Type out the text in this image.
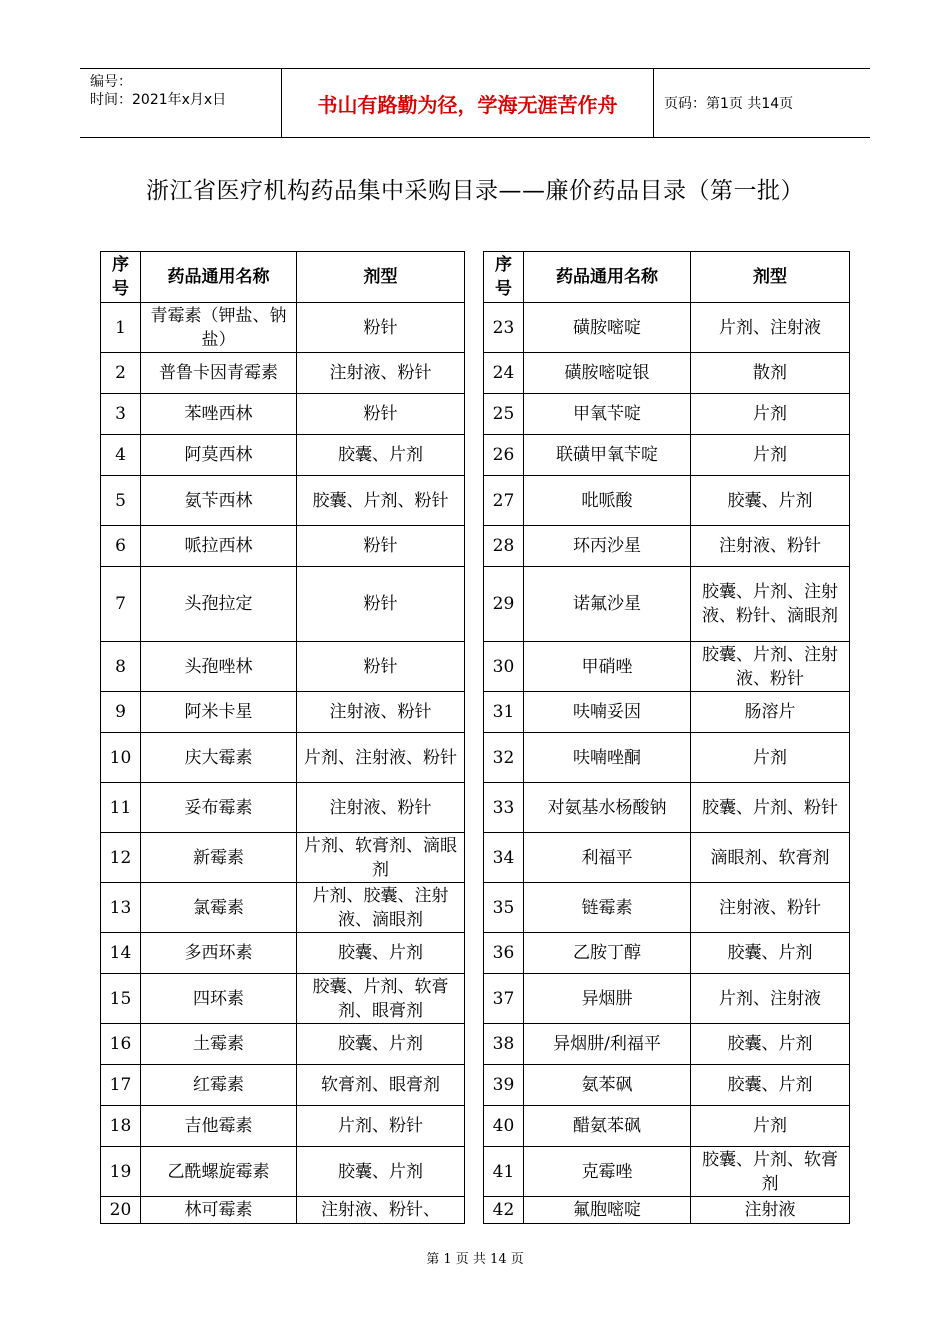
编号：
时间：2021年x月x日	书山有路勤为径，学海无涯苦作舟	页码：第1页 共14页
浙江省医疗机构药品集中采购目录——廉价药品目录（第一批）
序号	药品通用名称	剂型
1	青霉素（钾盐、钠盐）	粉针
2	普鲁卡因青霉素	注射液、粉针
3	苯唑西林	粉针
4	阿莫西林	胶囊、片剂
5	氨苄西林	胶囊、片剂、粉针
6	哌拉西林	粉针
7	头孢拉定	粉针
8	头孢唑林	粉针
9	阿米卡星	注射液、粉针
10	庆大霉素	片剂、注射液、粉针
11	妥布霉素	注射液、粉针
12	新霉素	片剂、软膏剂、滴眼剂
13	氯霉素	片剂、胶囊、注射液、滴眼剂
14	多西环素	胶囊、片剂
15	四环素	胶囊、片剂、软膏剂、眼膏剂
16	土霉素	胶囊、片剂
17	红霉素	软膏剂、眼膏剂
18	吉他霉素	片剂、粉针
19	乙酰螺旋霉素	胶囊、片剂
20	林可霉素	注射液、粉针、
序号	药品通用名称	剂型
23	磺胺嘧啶	片剂、注射液
24	磺胺嘧啶银	散剂
25	甲氧苄啶	片剂
26	联磺甲氧苄啶	片剂
27	吡哌酸	胶囊、片剂
28	环丙沙星	注射液、粉针
29	诺氟沙星	胶囊、片剂、注射液、粉针、滴眼剂
30	甲硝唑	胶囊、片剂、注射液、粉针
31	呋喃妥因	肠溶片
32	呋喃唑酮	片剂
33	对氨基水杨酸钠	胶囊、片剂、粉针
34	利福平	滴眼剂、软膏剂
35	链霉素	注射液、粉针
36	乙胺丁醇	胶囊、片剂
37	异烟肼	片剂、注射液
38	异烟肼/利福平	胶囊、片剂
39	氨苯砜	胶囊、片剂
40	醋氨苯砜	片剂
41	克霉唑	胶囊、片剂、软膏剂
42	氟胞嘧啶	注射液
第 1 页 共 14 页
